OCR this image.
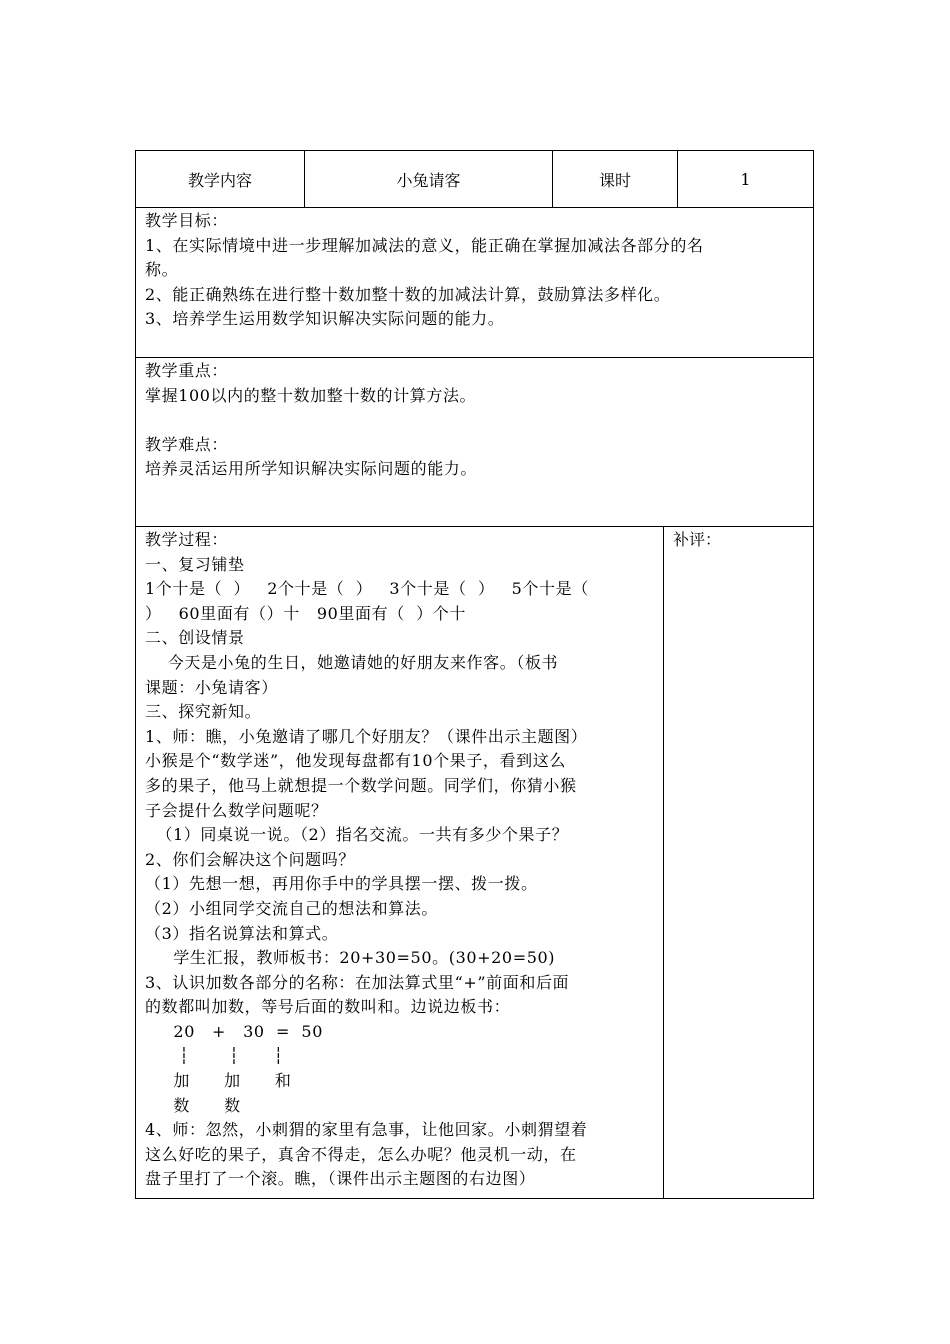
教学内容	小兔请客	课时	1
教学目标：
1、在实际情境中进一步理解加减法的意义，能正确在掌握加减法各部分的名
称。
2、能正确熟练在进行整十数加整十数的加减法计算，鼓励算法多样化。
3、培养学生运用数学知识解决实际问题的能力。
教学重点：
掌握100以内的整十数加整十数的计算方法。
教学难点：
培养灵活运用所学知识解决实际问题的能力。
教学过程：
一、复习铺垫
1个十是（  ）   2个十是（  ）   3个十是（  ）   5个十是（
）   60里面有（）十   90里面有（  ）个十
二、创设情景
今天是小兔的生日，她邀请她的好朋友来作客。（板书
课题：小兔请客）
三、探究新知。
1、师：瞧，小兔邀请了哪几个好朋友？（课件出示主题图）
小猴是个“数学迷”，他发现每盘都有10个果子，看到这么
多的果子，他马上就想提一个数学问题。同学们，你猜小猴
子会提什么数学问题呢？
（1）同桌说一说。（2）指名交流。一共有多少个果子？
2、你们会解决这个问题吗？
（1）先想一想，再用你手中的学具摆一摆、拨一拨。
（2）小组同学交流自己的想法和算法。
（3）指名说算法和算式。
学生汇报，教师板书：20+30=50。(30+20=50)
3、认识加数各部分的名称：在加法算式里“+”前面和后面
的数都叫加数，等号后面的数叫和。边说边板书：
20   +   30  =  50
┆       ┆      ┆
加      加      和
数      数
4、师：忽然，小刺猬的家里有急事，让他回家。小刺猬望着
这么好吃的果子，真舍不得走，怎么办呢？他灵机一动，在
盘子里打了一个滚。瞧，（课件出示主题图的右边图）
补评：
